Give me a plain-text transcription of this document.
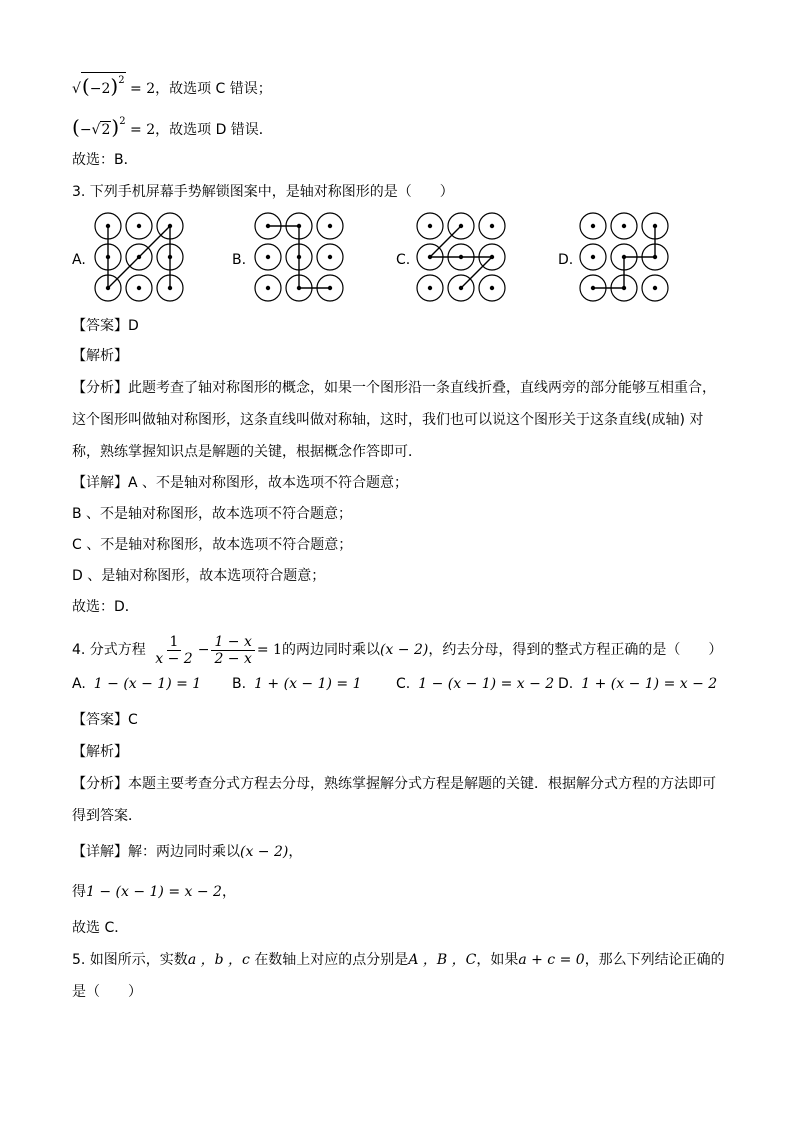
$√(-2)^2 = 2$，故选项 C 错误；
$(-√2)^2 = 2$，故选项 D 错误．
故选：B．
3. 下列手机屏幕手势解锁图案中，是轴对称图形的是（　　）
A.	B.	C.	D.
【答案】D
【解析】
【分析】此题考查了轴对称图形的概念，如果一个图形沿一条直线折叠，直线两旁的部分能够互相重合，
这个图形叫做轴对称图形，这条直线叫做对称轴，这时，我们也可以说这个图形关于这条直线(成轴) 对
称，熟练掌握知识点是解题的关键，根据概念作答即可．
【详解】A 、不是轴对称图形，故本选项不符合题意；
B 、不是轴对称图形，故本选项不符合题意；
C 、不是轴对称图形，故本选项不符合题意；
D 、是轴对称图形，故本选项符合题意；
故选：D．
4. 分式方程 $\frac{1}{x - 2} - \frac{1 - x}{2 - x} = 1$的两边同时乘以(x − 2)，约去分母，得到的整式方程正确的是（　　）
A. 1 − (x − 1) = 1 B. 1 + (x − 1) = 1 C. 1 − (x − 1) = x − 2 D. 1 + (x − 1) = x − 2
【答案】C
【解析】
【分析】本题主要考查分式方程去分母，熟练掌握解分式方程是解题的关键．根据解分式方程的方法即可
得到答案．
【详解】解：两边同时乘以(x − 2)，
得1 − (x − 1) = x − 2，
故选 C．
5. 如图所示，实数a ，b ，c 在数轴上对应的点分别是A ，B ，C，如果a + c = 0，那么下列结论正确的
是（　　）
